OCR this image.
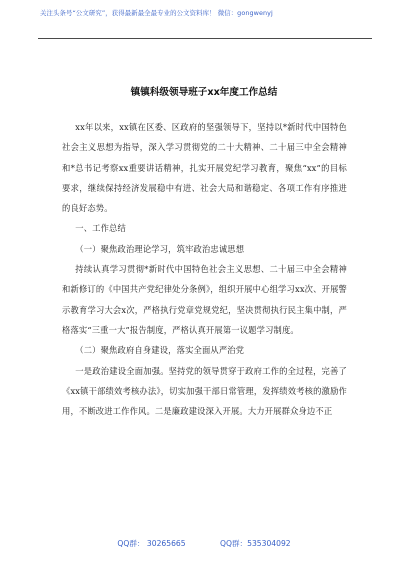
关注头条号“公文研究”，获得最新最全最专业的公文资料库！ 微信：gongwenyj
镇镇科级领导班子xx年度工作总结

xx年以来，xx镇在区委、区政府的坚强领导下，坚持以*新时代中国特色社会主义思想为指导，深入学习贯彻党的二十大精神、二十届三中全会精神和*总书记考察xx重要讲话精神，扎实开展党纪学习教育，聚焦“xx”的目标要求，继续保持经济发展稳中有进、社会大局和谐稳定、各项工作有序推进的良好态势。

一、工作总结

（一）聚焦政治理论学习，筑牢政治忠诚思想

持续认真学习贯彻*新时代中国特色社会主义思想、二十届三中全会精神和新修订的《中国共产党纪律处分条例》，组织开展中心组学习xx次、开展警示教育学习大会x次，严格执行党章党规党纪，坚决贯彻执行民主集中制，严格落实“三重一大”报告制度，严格认真开展第一议题学习制度。

（二）聚焦政府自身建设，落实全面从严治党

一是政治建设全面加强。坚持党的领导贯穿于政府工作的全过程，完善了《xx镇干部绩效考核办法》，切实加强干部日常管理，发挥绩效考核的激励作用，不断改进工作作风。二是廉政建设深入开展。大力开展群众身边不正

QQ群： 30265665	QQ群：535304092
